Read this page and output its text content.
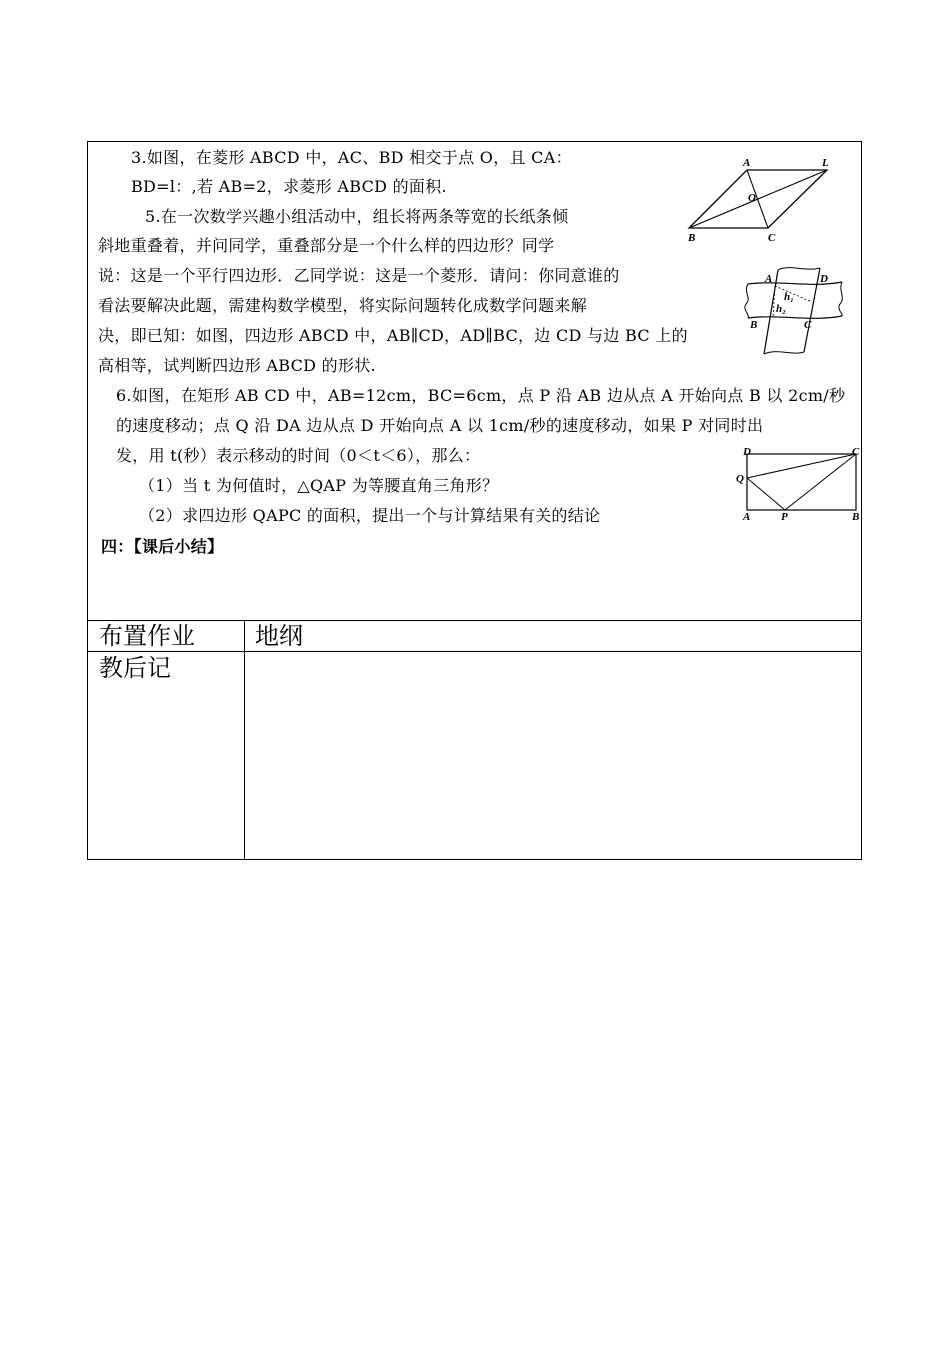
3.如图，在菱形 ABCD 中，AC、BD 相交于点 O，且 CA：
BD=l：,若 AB=2，求菱形 ABCD 的面积.
5.在一次数学兴趣小组活动中，组长将两条等宽的长纸条倾
斜地重叠着，并问同学，重叠部分是一个什么样的四边形？同学
说：这是一个平行四边形．乙同学说：这是一个菱形．请问：你同意谁的
看法要解决此题，需建构数学模型，将实际问题转化成数学问题来解
决，即已知：如图，四边形 ABCD 中，AB∥CD，AD∥BC，边 CD 与边 BC 上的
高相等，试判断四边形 ABCD 的形状.
6.如图，在矩形 AB CD 中，AB=12cm，BC=6cm，点 P 沿 AB 边从点 A 开始向点 B 以 2cm/秒
的速度移动；点 Q 沿 DA 边从点 D 开始向点 A 以 1cm/秒的速度移动，如果 P 对同时出
发，用 t(秒）表示移动的时间（0＜t＜6），那么：
（1）当 t 为何值时，△QAP 为等腰直角三角形？
（2）求四边形 QAPC 的面积，提出一个与计算结果有关的结论
四：【课后小结】
布置作业	地纲
教后记
A	L
O
B	C
A	D
B	C
h₁
h₂
D	C
Q
A	P	B
